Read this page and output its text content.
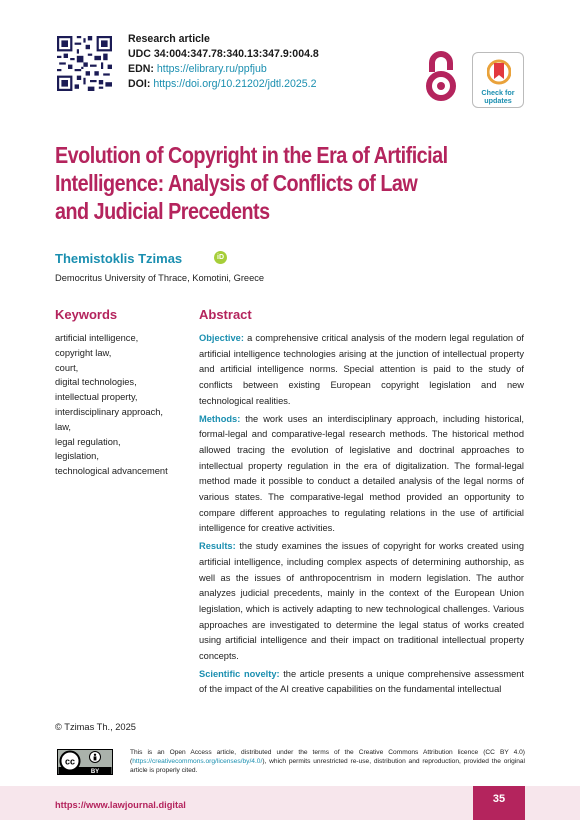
Research article
UDC 34:004:347.78:340.13:347.9:004.8
EDN: https://elibrary.ru/ppfjub
DOI: https://doi.org/10.21202/jdtl.2025.2
Check for
updates
Evolution of Copyright in the Era of Artificial
Intelligence: Analysis of Conflicts of Law
and Judicial Precedents
Themistoklis Tzimas	iD
Democritus University of Thrace, Komotini, Greece
Keywords
artificial intelligence,
copyright law,
court,
digital technologies,
intellectual property,
interdisciplinary approach,
law,
legal regulation,
legislation,
technological advancement
Abstract

Objective: a comprehensive critical analysis of the modern legal regulation of artificial intelligence technologies arising at the junction of intellectual property and artificial intelligence norms. Special attention is paid to the study of conflicts between existing European copyright legislation and new technological realities.

Methods: the work uses an interdisciplinary approach, including historical, formal-legal and comparative-legal research methods. The historical method allowed tracing the evolution of legislative and doctrinal approaches to intellectual property regulation in the era of digitalization. The formal-legal method made it possible to conduct a detailed analysis of the legal norms of various states. The comparative-legal method provided an opportunity to compare different approaches to regulating relations in the use of artificial intelligence for creative activities.

Results: the study examines the issues of copyright for works created using artificial intelligence, including complex aspects of determining authorship, as well as the issues of anthropocentrism in modern legislation. The author analyzes judicial precedents, mainly in the context of the European Union legislation, which is actively adapting to new technological challenges. Various approaches are investigated to determine the legal status of works created using artificial intelligence and their impact on traditional intellectual property concepts.

Scientific novelty: the article presents a unique comprehensive assessment of the impact of the AI creative capabilities on the fundamental intellectual

© Tzimas Th., 2025
cc
BY
This is an Open Access article, distributed under the terms of the Creative Commons Attribution licence (CC BY 4.0) (https://creativecommons.org/licenses/by/4.0/), which permits unrestricted re-use, distribution and reproduction, provided the original article is properly cited.
https://www.lawjournal.digital	35
